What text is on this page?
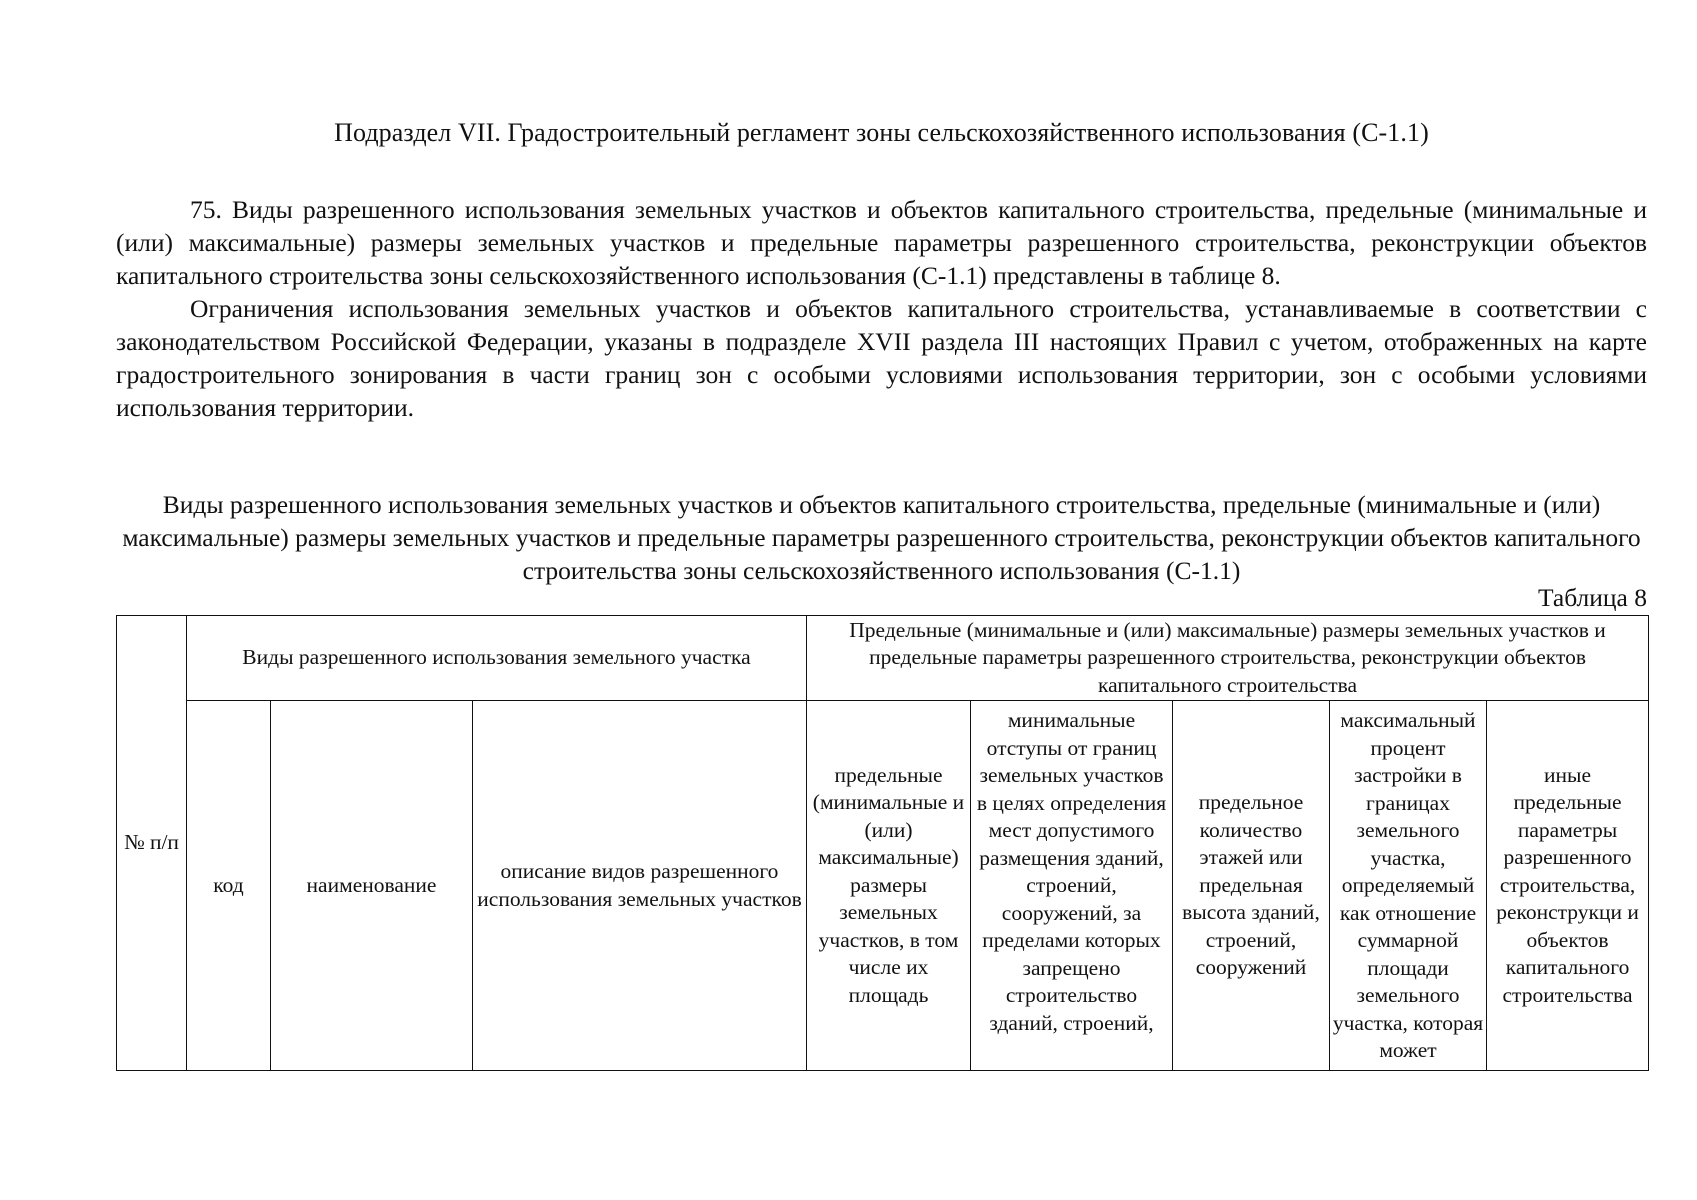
Подраздел VII. Градостроительный регламент зоны сельскохозяйственного использования (С-1.1)

75. Виды разрешенного использования земельных участков и объектов капитального строительства, предельные (минимальные и (или) максимальные) размеры земельных участков и предельные параметры разрешенного строительства, реконструкции объектов капитального строительства зоны сельскохозяйственного использования (С-1.1) представлены в таблице 8.

Ограничения использования земельных участков и объектов капитального строительства, устанавливаемые в соответствии с законодательством Российской Федерации, указаны в подразделе XVII раздела III настоящих Правил с учетом, отображенных на карте градостроительного зонирования в части границ зон с особыми условиями использования территории, зон с особыми условиями использования территории.

Виды разрешенного использования земельных участков и объектов капитального строительства, предельные (минимальные и (или) максимальные) размеры земельных участков и предельные параметры разрешенного строительства, реконструкции объектов капитального строительства зоны сельскохозяйственного использования (С-1.1)
Таблица 8
№ п/п	Виды разрешенного использования земельного участка			Предельные (минимальные и (или) максимальные) размеры земельных участков и предельные параметры разрешенного строительства, реконструкции объектов капитального строительства				
	код	наименование	описание видов разрешенного использования земельных участков	предельные (минимальные и (или) максимальные) размеры земельных участков, в том числе их площадь	минимальные отступы от границ земельных участков в целях определения мест допустимого размещения зданий, строений, сооружений, за пределами которых запрещено строительство зданий, строений,	предельное количество этажей или предельная высота зданий, строений, сооружений	максимальный процент застройки в границах земельного участка, определяемый как отношение суммарной площади земельного участка, которая может	иные предельные параметры разрешенного строительства, реконструкци и объектов капитального строительства
